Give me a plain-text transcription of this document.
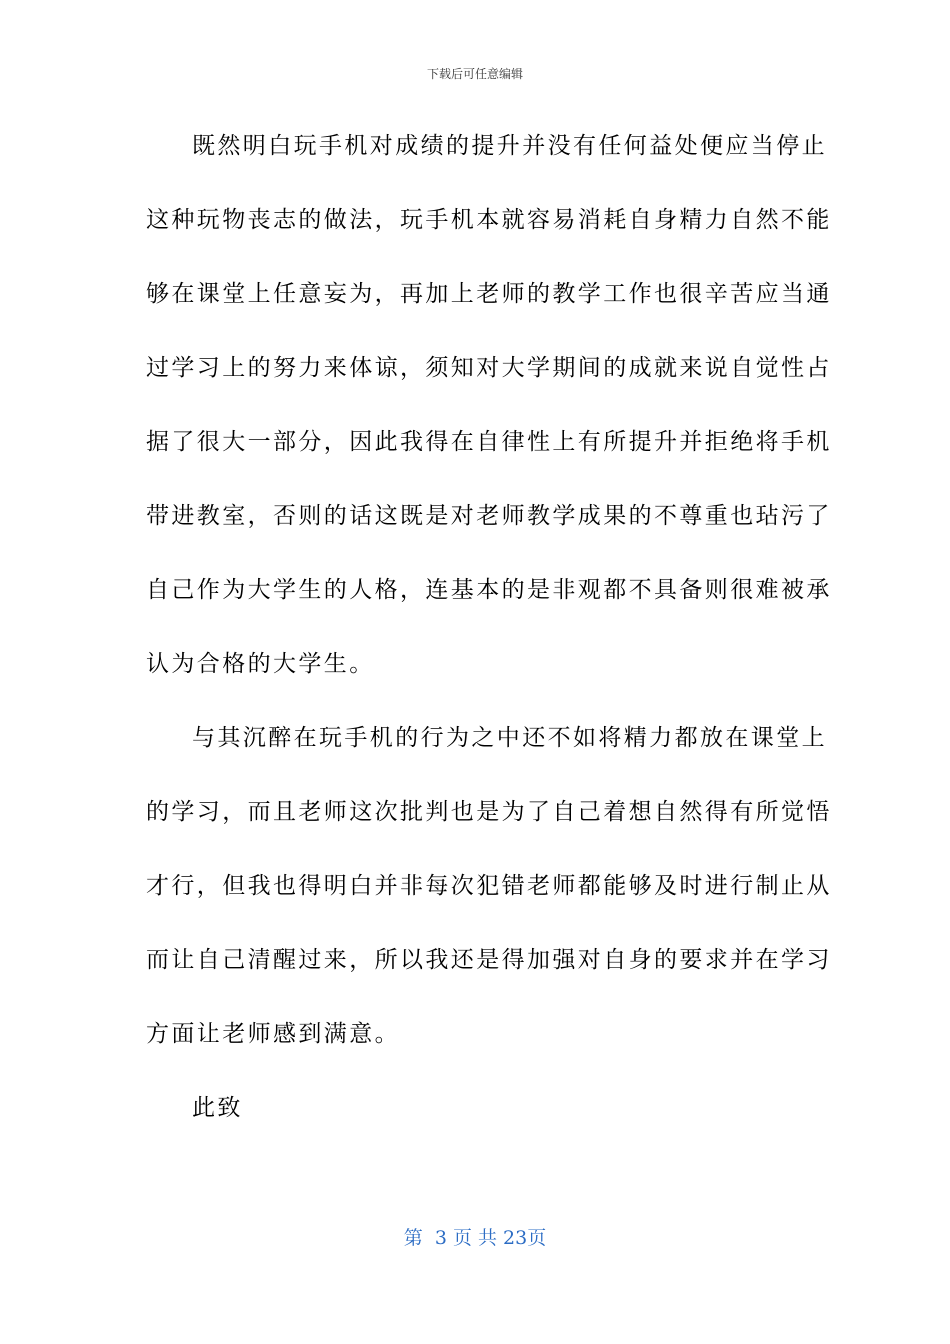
下载后可任意编辑
既然明白玩手机对成绩的提升并没有任何益处便应当停止
这种玩物丧志的做法，玩手机本就容易消耗自身精力自然不能
够在课堂上任意妄为，再加上老师的教学工作也很辛苦应当通
过学习上的努力来体谅，须知对大学期间的成就来说自觉性占
据了很大一部分，因此我得在自律性上有所提升并拒绝将手机
带进教室，否则的话这既是对老师教学成果的不尊重也玷污了
自己作为大学生的人格，连基本的是非观都不具备则很难被承
认为合格的大学生。
与其沉醉在玩手机的行为之中还不如将精力都放在课堂上
的学习，而且老师这次批判也是为了自己着想自然得有所觉悟
才行，但我也得明白并非每次犯错老师都能够及时进行制止从
而让自己清醒过来，所以我还是得加强对自身的要求并在学习
方面让老师感到满意。
此致
第  3 页 共 23页
